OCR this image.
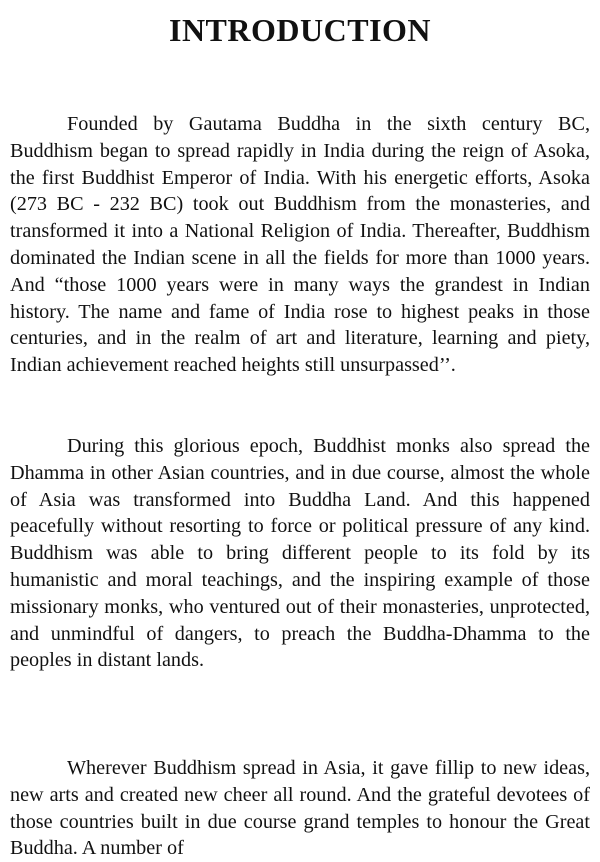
INTRODUCTION

Founded by Gautama Buddha in the sixth century BC, Buddhism began to spread rapidly in India during the reign of Asoka, the first Buddhist Emperor of India. With his energetic efforts, Asoka (273 BC - 232 BC) took out Buddhism from the monasteries, and transformed it into a National Religion of India. Thereafter, Buddhism dominated the Indian scene in all the fields for more than 1000 years. And “those 1000 years were in many ways the grandest in Indian history. The name and fame of India rose to highest peaks in those centuries, and in the realm of art and literature, learning and piety, Indian achievement reached heights still unsurpassed’’.

During this glorious epoch, Buddhist monks also spread the Dhamma in other Asian countries, and in due course, almost the whole of Asia was transformed into Buddha Land. And this happened peacefully without resorting to force or political pressure of any kind. Buddhism was able to bring different people to its fold by its humanistic and moral teachings, and the inspiring example of those missionary monks, who ventured out of their monasteries, unprotected, and unmindful of dangers, to preach the Buddha-Dhamma to the peoples in distant lands.

Wherever Buddhism spread in Asia, it gave fillip to new ideas, new arts and created new cheer all round. And the grateful devotees of those countries built in due course grand temples to honour the Great Buddha. A number of
